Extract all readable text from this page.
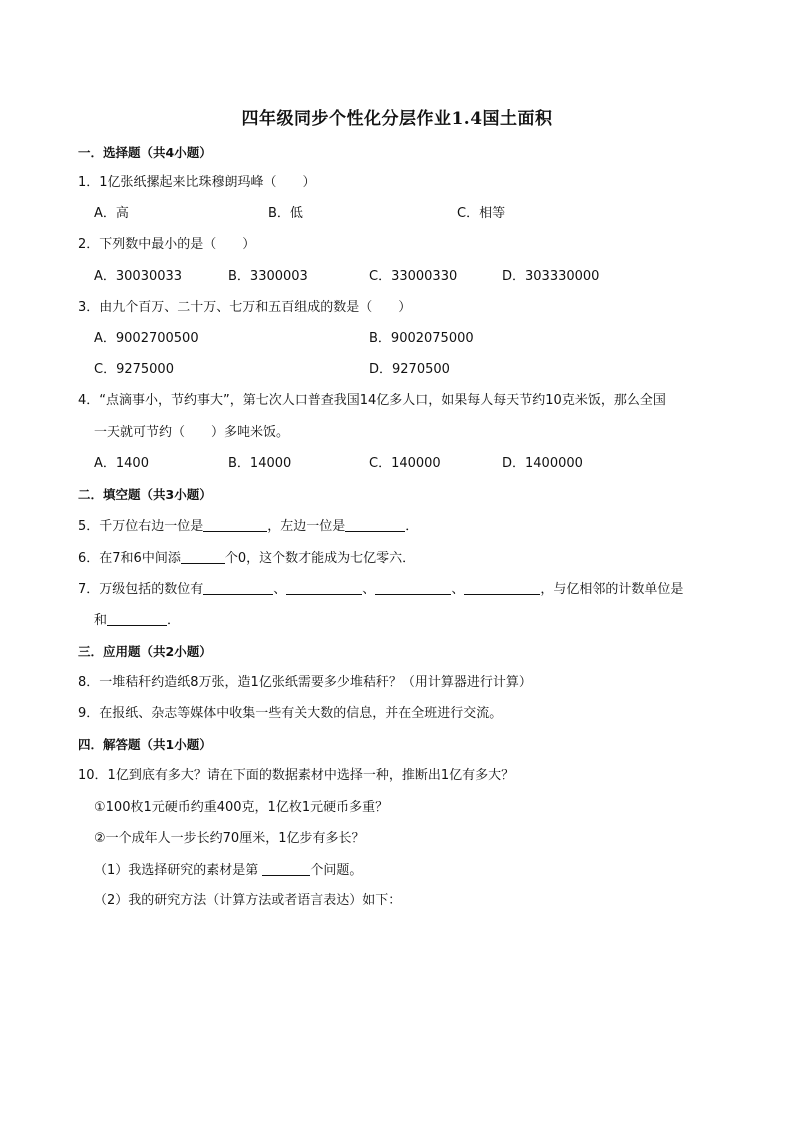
四年级同步个性化分层作业1.4国土面积
一．选择题（共4小题）
1．1亿张纸摞起来比珠穆朗玛峰（　　）
A．高	B．低	C．相等
2．下列数中最小的是（　　）
A．30030033	B．3300003	C．33000330	D．303330000
3．由九个百万、二十万、七万和五百组成的数是（　　）
A．9002700500	B．9002075000
C．9275000	D．9270500
4．“点滴事小，节约事大”，第七次人口普查我国14亿多人口，如果每人每天节约10克米饭，那么全国
一天就可节约（　　）多吨米饭。
A．1400	B．14000	C．140000	D．1400000
二．填空题（共3小题）
5．千万位右边一位是	，左边一位是	．
6．在7和6中间添	个0，这个数才能成为七亿零六．
7．万级包括的数位有	、	、	、	，与亿相邻的计数单位是
和	．
三．应用题（共2小题）
8．一堆秸秆约造纸8万张，造1亿张纸需要多少堆秸秆？（用计算器进行计算）
9．在报纸、杂志等媒体中收集一些有关大数的信息，并在全班进行交流。
四．解答题（共1小题）
10．1亿到底有多大？请在下面的数据素材中选择一种，推断出1亿有多大？
①100枚1元硬币约重400克，1亿枚1元硬币多重？
②一个成年人一步长约70厘米，1亿步有多长？
（1）我选择研究的素材是第	个问题。
（2）我的研究方法（计算方法或者语言表达）如下：
